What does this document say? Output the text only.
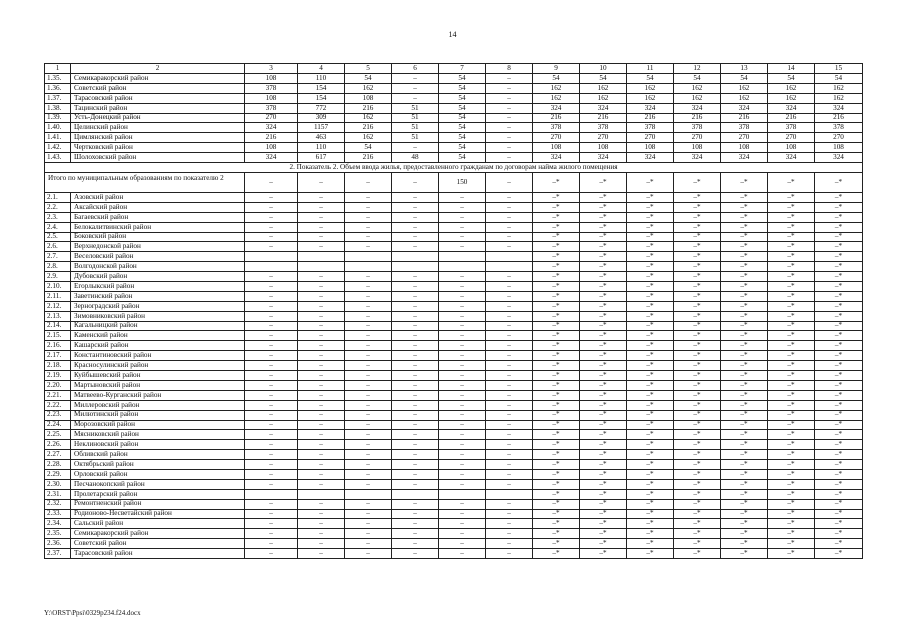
14
1	2	3	4	5	6	7	8	9	10	11	12	13	14	15
1.35.	Семикаракорский район	108	110	54	–	54	–	54	54	54	54	54	54	54
1.36.	Советский район	378	154	162	–	54	–	162	162	162	162	162	162	162
1.37.	Тарасовский район	108	154	108	–	54	–	162	162	162	162	162	162	162
1.38.	Тацинский район	378	772	216	51	54	–	324	324	324	324	324	324	324
1.39.	Усть-Донецкий район	270	309	162	51	54	–	216	216	216	216	216	216	216
1.40.	Целинский район	324	1157	216	51	54	–	378	378	378	378	378	378	378
1.41.	Цимлянский район	216	463	162	51	54	–	270	270	270	270	270	270	270
1.42.	Чертковский район	108	110	54	–	54	–	108	108	108	108	108	108	108
1.43.	Шолоховский район	324	617	216	48	54	–	324	324	324	324	324	324	324
2. Показатель 2. Объем ввода жилья, предоставленного гражданам по договорам найма жилого помещения														
Итого по муниципальным образованиям по показателю 2		–	–	–	–	150	–	–*	–*	–*	–*	–*	–*	–*
2.1.	Азовский район	–	–	–	–	–	–	–*	–*	–*	–*	–*	–*	–*
2.2.	Аксайский район	–	–	–	–	–	–	–*	–*	–*	–*	–*	–*	–*
2.3.	Багаевский район	–	–	–	–	–	–	–*	–*	–*	–*	–*	–*	–*
2.4.	Белокалитвинский район	–	–	–	–	–	–	–*	–*	–*	–*	–*	–*	–*
2.5.	Боковский район	–	–	–	–	–	–	–*	–*	–*	–*	–*	–*	–*
2.6.	Верхнедонской район	–	–	–	–	–	–	–*	–*	–*	–*	–*	–*	–*
2.7.	Веселовский район							–*	–*	–*	–*	–*	–*	–*
2.8.	Волгодонской район							–*	–*	–*	–*	–*	–*	–*
2.9.	Дубовский район	–	–	–	–	–	–	–*	–*	–*	–*	–*	–*	–*
2.10.	Егорлыкский район	–	–	–	–	–	–	–*	–*	–*	–*	–*	–*	–*
2.11.	Заветинский район	–	–	–	–	–	–	–*	–*	–*	–*	–*	–*	–*
2.12.	Зерноградский район	–	–	–	–	–	–	–*	–*	–*	–*	–*	–*	–*
2.13.	Зимовниковский район	–	–	–	–	–	–	–*	–*	–*	–*	–*	–*	–*
2.14.	Кагальницкий район	–	–	–	–	–	–	–*	–*	–*	–*	–*	–*	–*
2.15.	Каменский район	–	–	–	–	–	–	–*	–*	–*	–*	–*	–*	–*
2.16.	Кашарский район	–	–	–	–	–	–	–*	–*	–*	–*	–*	–*	–*
2.17.	Константиновский район	–	–	–	–	–	–	–*	–*	–*	–*	–*	–*	–*
2.18.	Красносулинский район	–	–	–	–	–	–	–*	–*	–*	–*	–*	–*	–*
2.19.	Куйбышевский район	–	–	–	–	–	–	–*	–*	–*	–*	–*	–*	–*
2.20.	Мартыновский район	–	–	–	–	–	–	–*	–*	–*	–*	–*	–*	–*
2.21.	Матвеево-Курганский район	–	–	–	–	–	–	–*	–*	–*	–*	–*	–*	–*
2.22.	Миллеровский район	–	–	–	–	–	–	–*	–*	–*	–*	–*	–*	–*
2.23.	Милютинский район	–	–	–	–	–	–	–*	–*	–*	–*	–*	–*	–*
2.24.	Морозовский район	–	–	–	–	–	–	–*	–*	–*	–*	–*	–*	–*
2.25.	Мясниковский район	–	–	–	–	–	–	–*	–*	–*	–*	–*	–*	–*
2.26.	Неклиновский район	–	–	–	–	–	–	–*	–*	–*	–*	–*	–*	–*
2.27.	Обливский район	–	–	–	–	–	–	–*	–*	–*	–*	–*	–*	–*
2.28.	Октябрьский район	–	–	–	–	–	–	–*	–*	–*	–*	–*	–*	–*
2.29.	Орловский район	–	–	–	–	–	–	–*	–*	–*	–*	–*	–*	–*
2.30.	Песчанокопский район	–	–	–	–	–	–	–*	–*	–*	–*	–*	–*	–*
2.31.	Пролетарский район							–*	–*	–*	–*	–*	–*	–*
2.32.	Ремонтненский район	–	–	–	–	–	–	–*	–*	–*	–*	–*	–*	–*
2.33.	Родионово-Несветайский район	–	–	–	–	–	–	–*	–*	–*	–*	–*	–*	–*
2.34.	Сальский район	–	–	–	–	–	–	–*	–*	–*	–*	–*	–*	–*
2.35.	Семикаракорский район	–	–	–	–	–	–	–*	–*	–*	–*	–*	–*	–*
2.36.	Советский район	–	–	–	–	–	–	–*	–*	–*	–*	–*	–*	–*
2.37.	Тарасовский район	–	–	–	–	–	–	–*	–*	–*	–*	–*	–*	–*
Y:\ORST\Ppsi\0329p234.f24.docx
